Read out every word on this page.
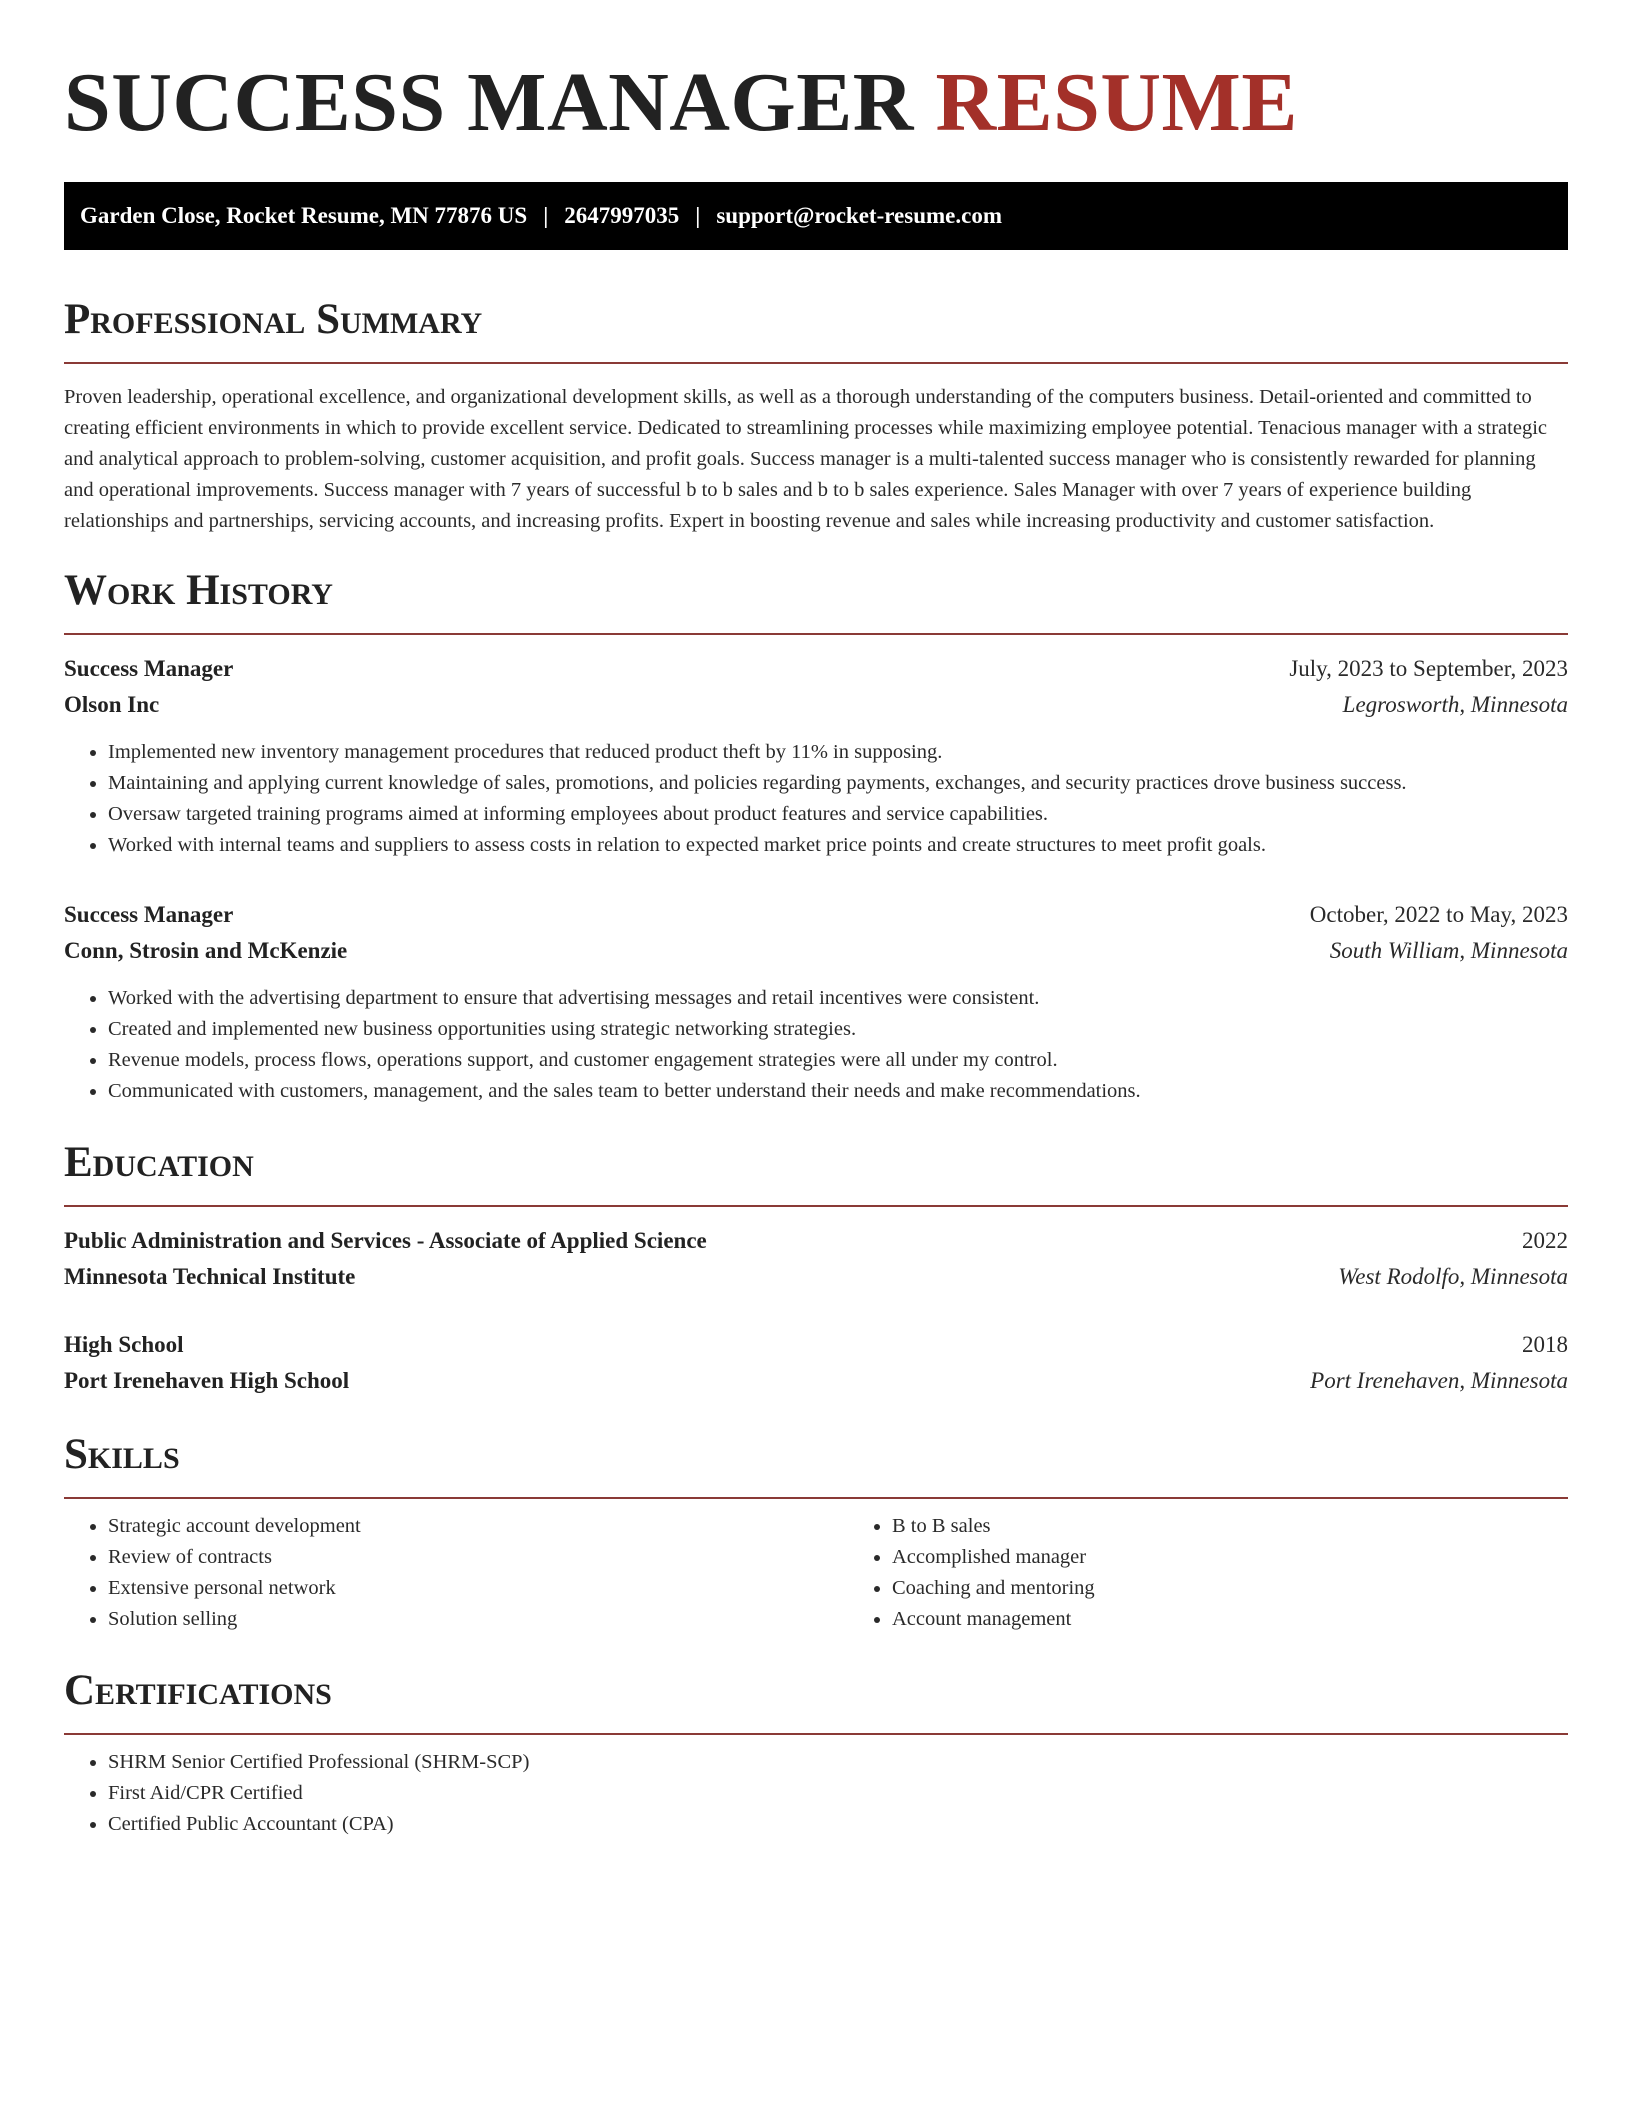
SUCCESS MANAGER RESUME
Garden Close, Rocket Resume, MN 77876 US | 2647997035 | support@rocket-resume.com
Professional Summary

Proven leadership, operational excellence, and organizational development skills, as well as a thorough understanding of the computers business. Detail-oriented and committed to creating efficient environments in which to provide excellent service. Dedicated to streamlining processes while maximizing employee potential. Tenacious manager with a strategic and analytical approach to problem-solving, customer acquisition, and profit goals. Success manager is a multi-talented success manager who is consistently rewarded for planning and operational improvements. Success manager with 7 years of successful b to b sales and b to b sales experience. Sales Manager with over 7 years of experience building relationships and partnerships, servicing accounts, and increasing profits. Expert in boosting revenue and sales while increasing productivity and customer satisfaction.

Work History
Success Manager	July, 2023 to September, 2023
Olson Inc	Legrosworth, Minnesota
• Implemented new inventory management procedures that reduced product theft by 11% in supposing.
• Maintaining and applying current knowledge of sales, promotions, and policies regarding payments, exchanges, and security practices drove business success.
• Oversaw targeted training programs aimed at informing employees about product features and service capabilities.
• Worked with internal teams and suppliers to assess costs in relation to expected market price points and create structures to meet profit goals.
Success Manager	October, 2022 to May, 2023
Conn, Strosin and McKenzie	South William, Minnesota
• Worked with the advertising department to ensure that advertising messages and retail incentives were consistent.
• Created and implemented new business opportunities using strategic networking strategies.
• Revenue models, process flows, operations support, and customer engagement strategies were all under my control.
• Communicated with customers, management, and the sales team to better understand their needs and make recommendations.
Education
Public Administration and Services - Associate of Applied Science	2022
Minnesota Technical Institute	West Rodolfo, Minnesota
High School	2018
Port Irenehaven High School	Port Irenehaven, Minnesota
Skills
• Strategic account development
• Review of contracts
• Extensive personal network
• Solution selling
• B to B sales
• Accomplished manager
• Coaching and mentoring
• Account management
Certifications
• SHRM Senior Certified Professional (SHRM-SCP)
• First Aid/CPR Certified
• Certified Public Accountant (CPA)
